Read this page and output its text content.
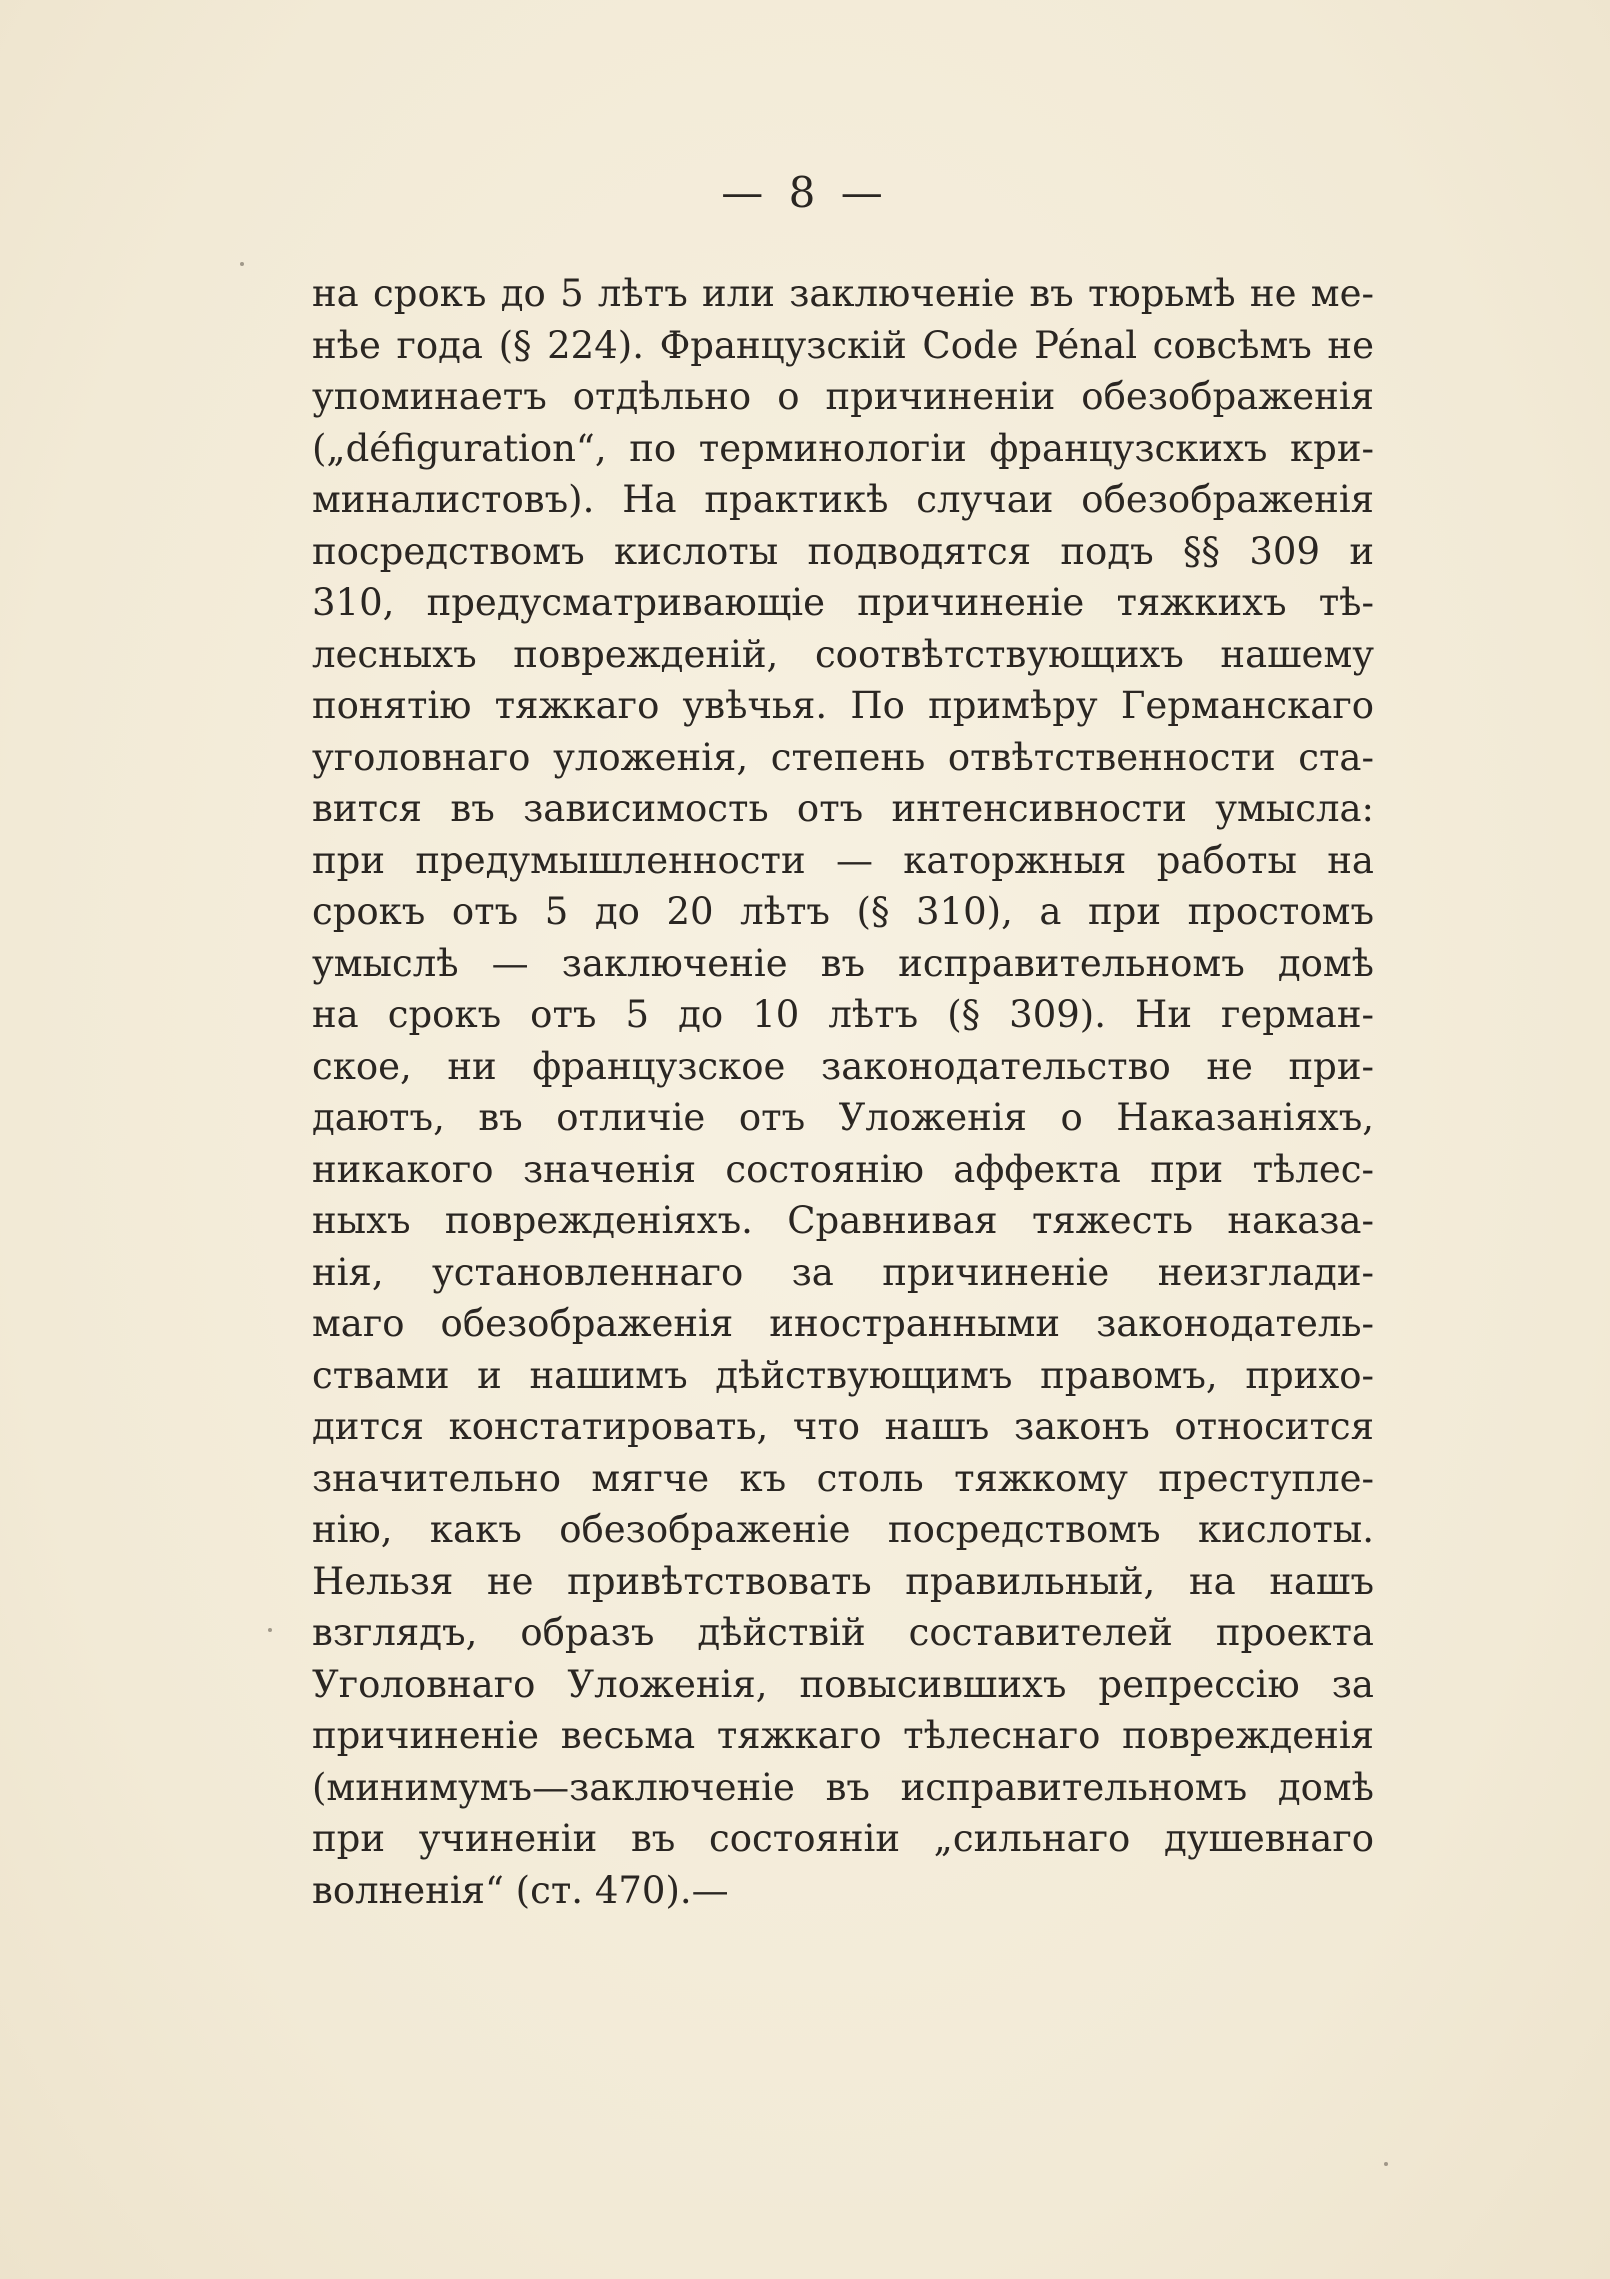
— 8 —
на срокъ до 5 лѣтъ или заключеніе въ тюрьмѣ не ме-
нѣе года (§ 224). Французскій Code Pénal совсѣмъ не
упоминаетъ отдѣльно о причиненіи обезображенія
(„défiguration“, по терминологіи французскихъ кри-
миналистовъ). На практикѣ случаи обезображенія
посредствомъ кислоты подводятся подъ §§ 309 и
310, предусматривающіе причиненіе тяжкихъ тѣ-
лесныхъ поврежденій, соотвѣтствующихъ нашему
понятію тяжкаго увѣчья. По примѣру Германскаго
уголовнаго уложенія, степень отвѣтственности ста-
вится въ зависимость отъ интенсивности умысла:
при предумышленности — каторжныя работы на
срокъ отъ 5 до 20 лѣтъ (§ 310), а при простомъ
умыслѣ — заключеніе въ исправительномъ домѣ
на срокъ отъ 5 до 10 лѣтъ (§ 309). Ни герман-
ское, ни французское законодательство не при-
даютъ, въ отличіе отъ Уложенія о Наказаніяхъ,
никакого значенія состоянію аффекта при тѣлес-
ныхъ поврежденіяхъ. Сравнивая тяжесть наказа-
нія, установленнаго за причиненіе неизглади-
маго обезображенія иностранными законодатель-
ствами и нашимъ дѣйствующимъ правомъ, прихо-
дится констатировать, что нашъ законъ относится
значительно мягче къ столь тяжкому преступле-
нію, какъ обезображеніе посредствомъ кислоты.
Нельзя не привѣтствовать правильный, на нашъ
взглядъ, образъ дѣйствій составителей проекта
Уголовнаго Уложенія, повысившихъ репрессію за
причиненіе весьма тяжкаго тѣлеснаго поврежденія
(минимумъ—заключеніе въ исправительномъ домѣ
при учиненіи въ состояніи „сильнаго душевнаго
волненія“ (ст. 470).—
